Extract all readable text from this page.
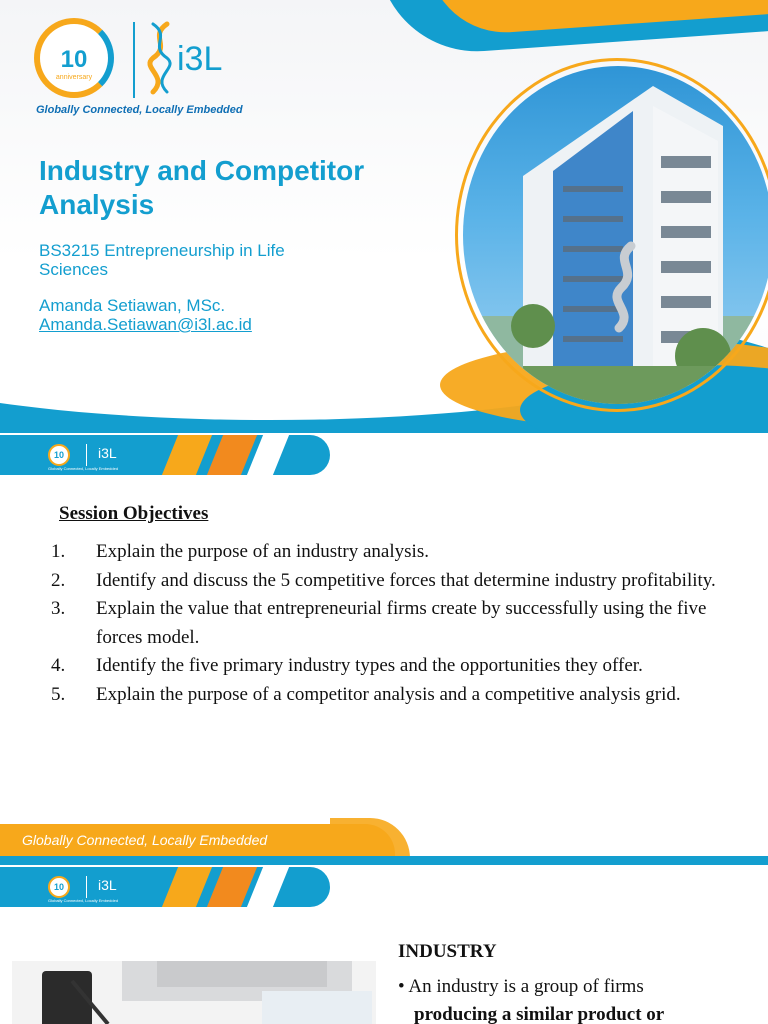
10
anniversary	i3L
Globally Connected, Locally Embedded
Industry and Competitor Analysis
BS3215 Entrepreneurship in Life Sciences
Amanda Setiawan, MSc.
Amanda.Setiawan@i3l.ac.id
10 i3L
Globally Connected, Locally Embedded
Session Objectives
1. Explain the purpose of an industry analysis.
2. Identify and discuss the 5 competitive forces that determine industry profitability.
3. Explain the value that entrepreneurial firms create by successfully using the five forces model.
4. Identify the five primary industry types and the opportunities they offer.
5. Explain the purpose of a competitor analysis and a competitive analysis grid.
Globally Connected, Locally Embedded
10 i3L
Globally Connected, Locally Embedded
INDUSTRY
• An industry is a group of firms
producing a similar product or
